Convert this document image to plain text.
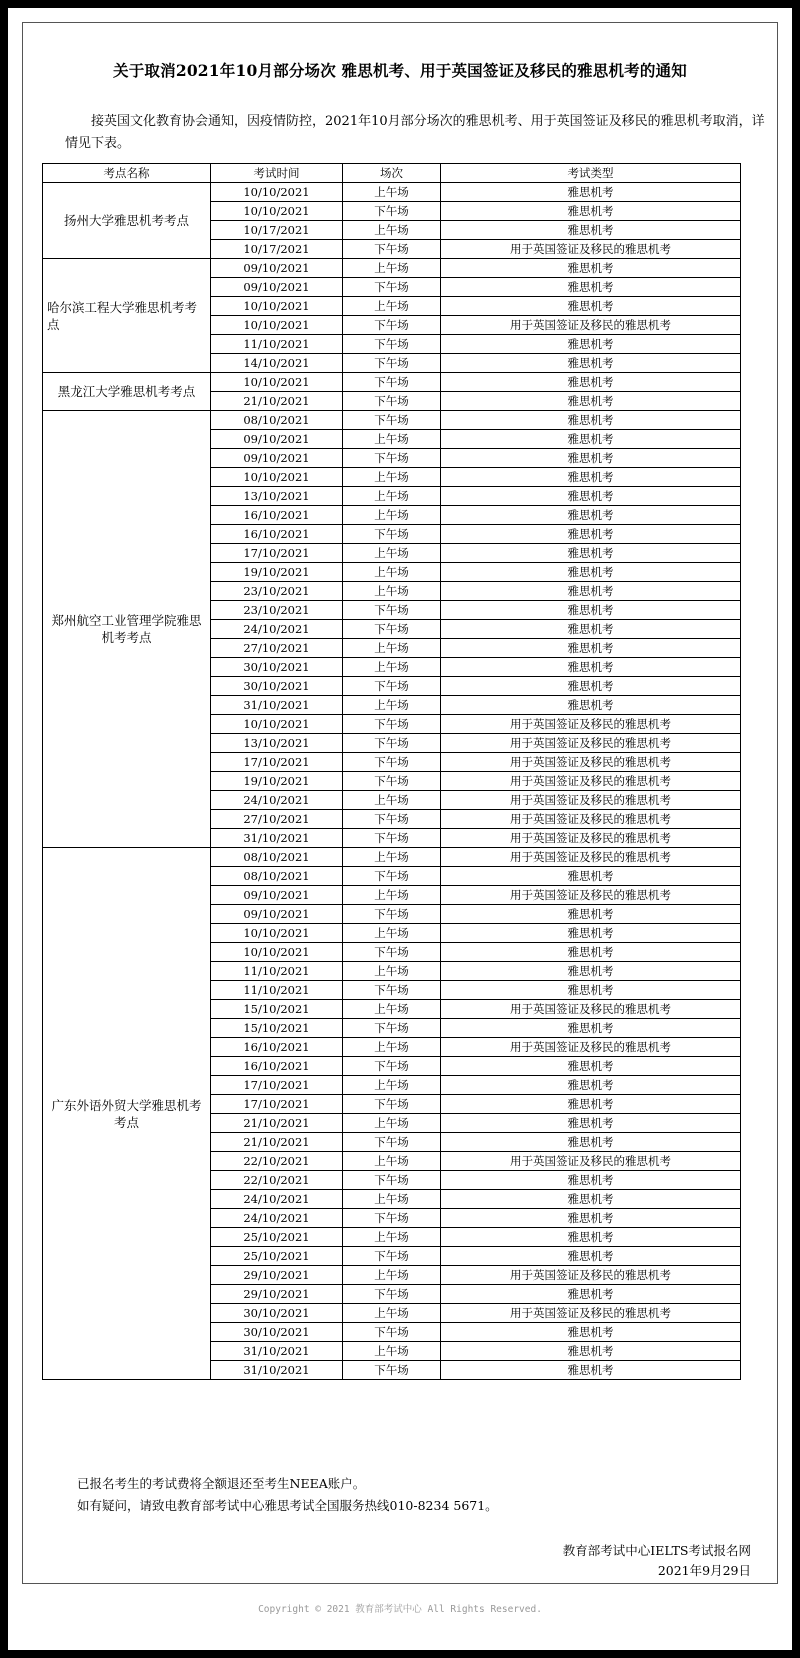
关于取消2021年10月部分场次 雅思机考、用于英国签证及移民的雅思机考的通知
接英国文化教育协会通知，因疫情防控，2021年10月部分场次的雅思机考、用于英国签证及移民的雅思机考取消，详情见下表。
考点名称	考试时间	场次	考试类型
扬州大学雅思机考考点	10/10/2021	上午场	雅思机考
	10/10/2021	下午场	雅思机考
	10/17/2021	上午场	雅思机考
	10/17/2021	下午场	用于英国签证及移民的雅思机考
哈尔滨工程大学雅思机考考点	09/10/2021	上午场	雅思机考
	09/10/2021	下午场	雅思机考
	10/10/2021	上午场	雅思机考
	10/10/2021	下午场	用于英国签证及移民的雅思机考
	11/10/2021	下午场	雅思机考
	14/10/2021	下午场	雅思机考
黑龙江大学雅思机考考点	10/10/2021	下午场	雅思机考
	21/10/2021	下午场	雅思机考
郑州航空工业管理学院雅思机考考点	08/10/2021	下午场	雅思机考
	09/10/2021	上午场	雅思机考
	09/10/2021	下午场	雅思机考
	10/10/2021	上午场	雅思机考
	13/10/2021	上午场	雅思机考
	16/10/2021	上午场	雅思机考
	16/10/2021	下午场	雅思机考
	17/10/2021	上午场	雅思机考
	19/10/2021	上午场	雅思机考
	23/10/2021	上午场	雅思机考
	23/10/2021	下午场	雅思机考
	24/10/2021	下午场	雅思机考
	27/10/2021	上午场	雅思机考
	30/10/2021	上午场	雅思机考
	30/10/2021	下午场	雅思机考
	31/10/2021	上午场	雅思机考
	10/10/2021	下午场	用于英国签证及移民的雅思机考
	13/10/2021	下午场	用于英国签证及移民的雅思机考
	17/10/2021	下午场	用于英国签证及移民的雅思机考
	19/10/2021	下午场	用于英国签证及移民的雅思机考
	24/10/2021	上午场	用于英国签证及移民的雅思机考
	27/10/2021	下午场	用于英国签证及移民的雅思机考
	31/10/2021	下午场	用于英国签证及移民的雅思机考
广东外语外贸大学雅思机考考点	08/10/2021	上午场	用于英国签证及移民的雅思机考
	08/10/2021	下午场	雅思机考
	09/10/2021	上午场	用于英国签证及移民的雅思机考
	09/10/2021	下午场	雅思机考
	10/10/2021	上午场	雅思机考
	10/10/2021	下午场	雅思机考
	11/10/2021	上午场	雅思机考
	11/10/2021	下午场	雅思机考
	15/10/2021	上午场	用于英国签证及移民的雅思机考
	15/10/2021	下午场	雅思机考
	16/10/2021	上午场	用于英国签证及移民的雅思机考
	16/10/2021	下午场	雅思机考
	17/10/2021	上午场	雅思机考
	17/10/2021	下午场	雅思机考
	21/10/2021	上午场	雅思机考
	21/10/2021	下午场	雅思机考
	22/10/2021	上午场	用于英国签证及移民的雅思机考
	22/10/2021	下午场	雅思机考
	24/10/2021	上午场	雅思机考
	24/10/2021	下午场	雅思机考
	25/10/2021	上午场	雅思机考
	25/10/2021	下午场	雅思机考
	29/10/2021	上午场	用于英国签证及移民的雅思机考
	29/10/2021	下午场	雅思机考
	30/10/2021	上午场	用于英国签证及移民的雅思机考
	30/10/2021	下午场	雅思机考
	31/10/2021	上午场	雅思机考
	31/10/2021	下午场	雅思机考
已报名考生的考试费将全额退还至考生NEEA账户。
如有疑问，请致电教育部考试中心雅思考试全国服务热线010-8234 5671。
教育部考试中心IELTS考试报名网
2021年9月29日
Copyright © 2021 教育部考试中心 All Rights Reserved.
